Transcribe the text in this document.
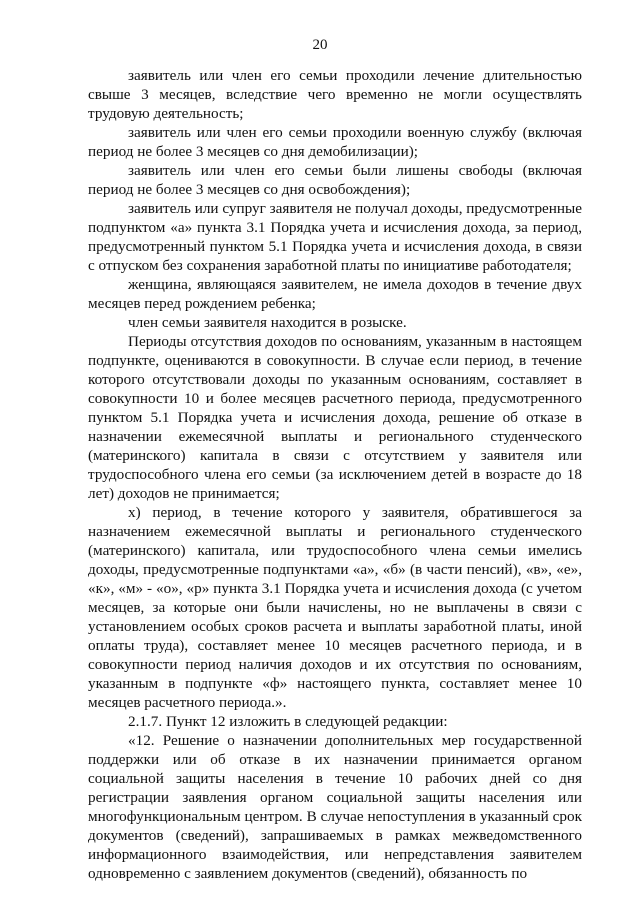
20

заявитель или член его семьи проходили лечение длительностью свыше 3 месяцев, вследствие чего временно не могли осуществлять трудовую деятельность;

заявитель или член его семьи проходили военную службу (включая период не более 3 месяцев со дня демобилизации);

заявитель или член его семьи были лишены свободы (включая период не более 3 месяцев со дня освобождения);

заявитель или супруг заявителя не получал доходы, предусмотренные подпунктом «а» пункта 3.1 Порядка учета и исчисления дохода, за период, предусмотренный пунктом 5.1 Порядка учета и исчисления дохода, в связи с отпуском без сохранения заработной платы по инициативе работодателя;

женщина, являющаяся заявителем, не имела доходов в течение двух месяцев перед рождением ребенка;

член семьи заявителя находится в розыске.

Периоды отсутствия доходов по основаниям, указанным в настоящем подпункте, оцениваются в совокупности. В случае если период, в течение которого отсутствовали доходы по указанным основаниям, составляет в совокупности 10 и более месяцев расчетного периода, предусмотренного пунктом 5.1 Порядка учета и исчисления дохода, решение об отказе в назначении ежемесячной выплаты и регионального студенческого (материнского) капитала в связи с отсутствием у заявителя или трудоспособного члена его семьи (за исключением детей в возрасте до 18 лет) доходов не принимается;

х) период, в течение которого у заявителя, обратившегося за назначением ежемесячной выплаты и регионального студенческого (материнского) капитала, или трудоспособного члена семьи имелись доходы, предусмотренные подпунктами «а», «б» (в части пенсий), «в», «е», «к», «м» - «о», «р» пункта 3.1 Порядка учета и исчисления дохода (с учетом месяцев, за которые они были начислены, но не выплачены в связи с установлением особых сроков расчета и выплаты заработной платы, иной оплаты труда), составляет менее 10 месяцев расчетного периода, и в совокупности период наличия доходов и их отсутствия по основаниям, указанным в подпункте «ф» настоящего пункта, составляет менее 10 месяцев расчетного периода.».

2.1.7. Пункт 12 изложить в следующей редакции:

«12. Решение о назначении дополнительных мер государственной поддержки или об отказе в их назначении принимается органом социальной защиты населения в течение 10 рабочих дней со дня регистрации заявления органом социальной защиты населения или многофункциональным центром. В случае непоступления в указанный срок документов (сведений), запрашиваемых в рамках межведомственного информационного взаимодействия, или непредставления заявителем одновременно с заявлением документов (сведений), обязанность по
